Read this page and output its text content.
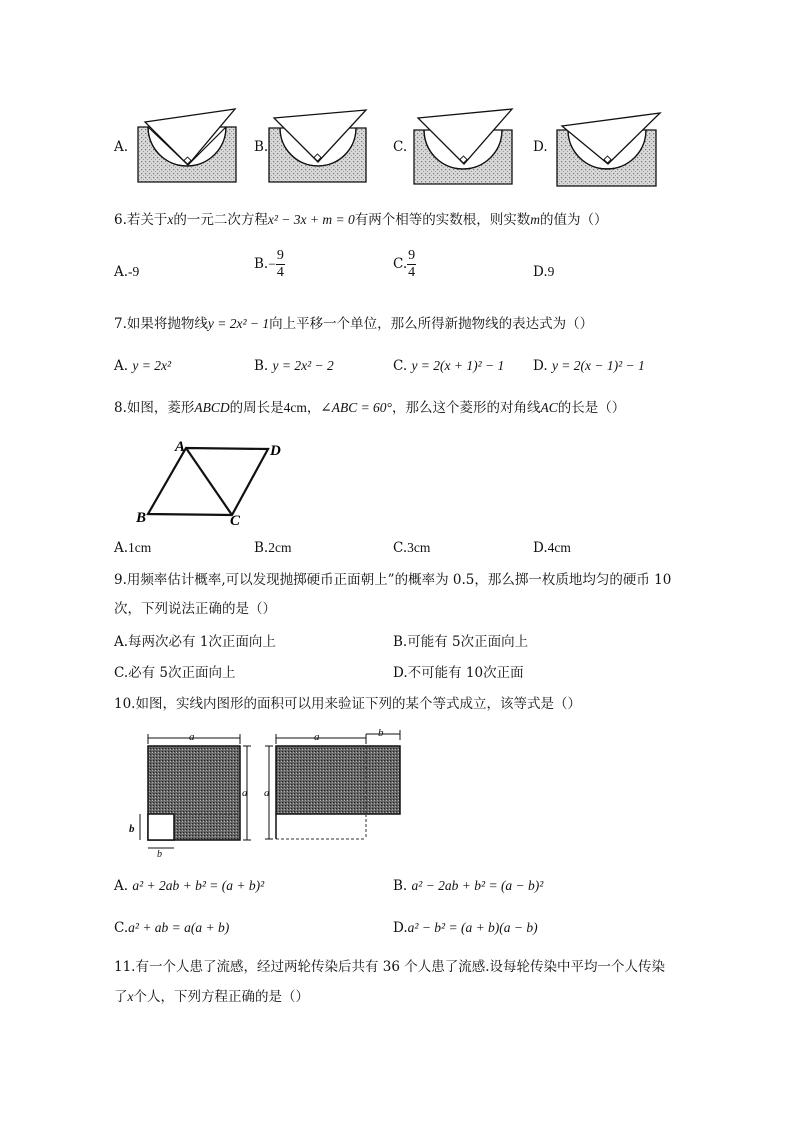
A.	B.	C.	D.
6.若关于x的一元二次方程x² − 3x + m = 0有两个相等的实数根，则实数m的值为（）
A.-9	$B.- \frac{9}{4}$	C. $\frac{9}{4}$	D.9
7.如果将抛物线y = 2x² − 1向上平移一个单位，那么所得新抛物线的表达式为（）
A. y = 2x²	B. y = 2x² − 2	C. y = 2(x + 1)² − 1 D. y = 2(x − 1)² − 1
8.如图，菱形ABCD的周长是4cm，∠ABC = 60°，那么这个菱形的对角线AC的长是（）
A	D
B	C
A.1cm	B.2cm	C.3cm	D.4cm
9.用频率估计概率,可以发现抛掷硬币正面朝上”的概率为 0.5，那么掷一枚质地均匀的硬币 10
次，下列说法正确的是（）
A.每两次必有 1次正面向上	B.可能有 5次正面向上
C.必有 5次正面向上	D.不可能有 10次正面
10.如图，实线内图形的面积可以用来验证下列的某个等式成立，该等式是（）
a
a
b
b
a	b
a
A. a² + 2ab + b² = (a + b)²	B. a² − 2ab + b² = (a − b)²
C.a² + ab = a(a + b)	D.a² − b² = (a + b)(a − b)
11.有一个人患了流感，经过两轮传染后共有 36 个人患了流感.设每轮传染中平均一个人传染
了x个人，下列方程正确的是（）
